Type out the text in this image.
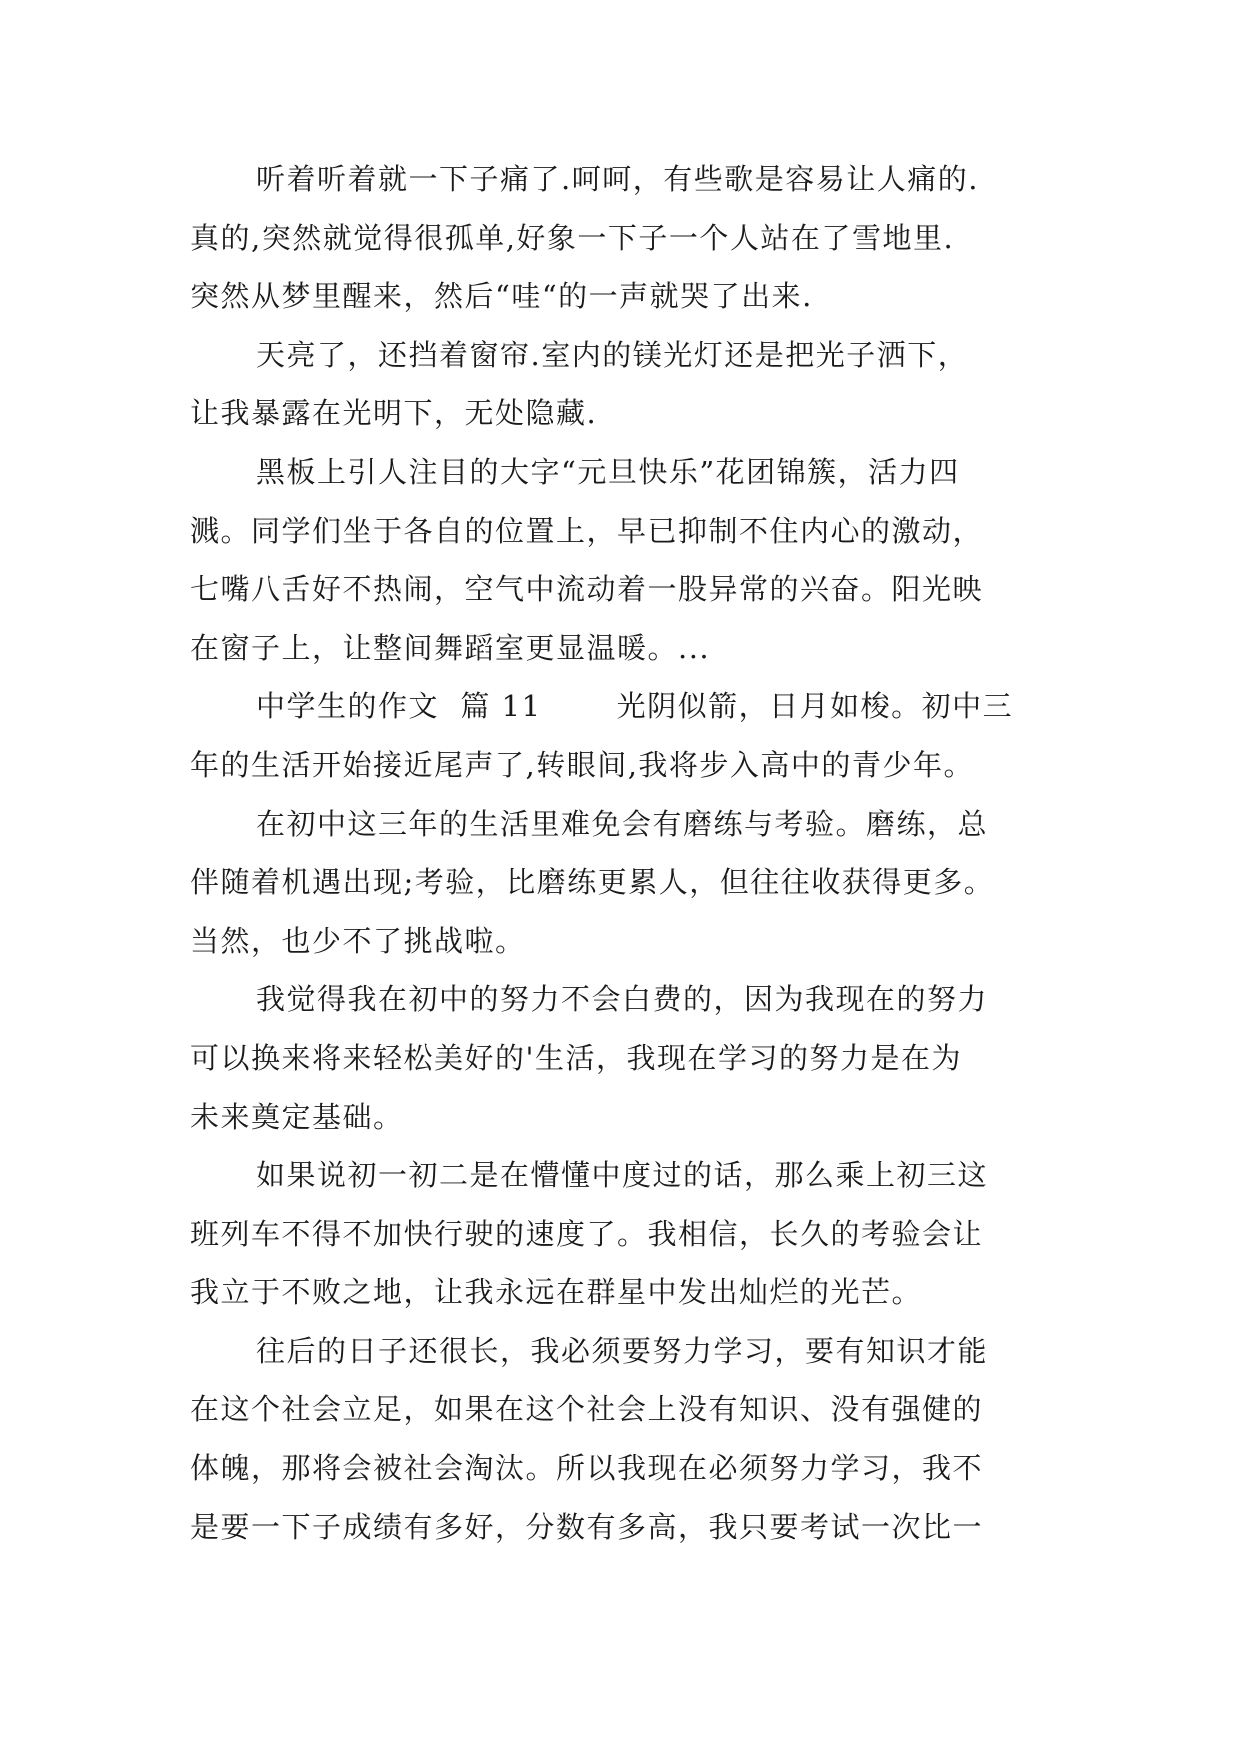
听着听着就一下子痛了.呵呵，有些歌是容易让人痛的.
真的,突然就觉得很孤单,好象一下子一个人站在了雪地里.
突然从梦里醒来，然后“哇“的一声就哭了出来.
天亮了，还挡着窗帘.室内的镁光灯还是把光子洒下，
让我暴露在光明下，无处隐藏.
黑板上引人注目的大字“元旦快乐”花团锦簇，活力四
溅。同学们坐于各自的位置上，早已抑制不住内心的激动，
七嘴八舌好不热闹，空气中流动着一股异常的兴奋。阳光映
在窗子上，让整间舞蹈室更显温暖。...
中学生的作文  篇 11       光阴似箭，日月如梭。初中三
年的生活开始接近尾声了,转眼间,我将步入高中的青少年。
在初中这三年的生活里难免会有磨练与考验。磨练，总
伴随着机遇出现;考验，比磨练更累人，但往往收获得更多。
当然，也少不了挑战啦。
我觉得我在初中的努力不会白费的，因为我现在的努力
可以换来将来轻松美好的'生活，我现在学习的努力是在为
未来奠定基础。
如果说初一初二是在懵懂中度过的话，那么乘上初三这
班列车不得不加快行驶的速度了。我相信，长久的考验会让
我立于不败之地，让我永远在群星中发出灿烂的光芒。
往后的日子还很长，我必须要努力学习，要有知识才能
在这个社会立足，如果在这个社会上没有知识、没有强健的
体魄，那将会被社会淘汰。所以我现在必须努力学习，我不
是要一下子成绩有多好，分数有多高，我只要考试一次比一
